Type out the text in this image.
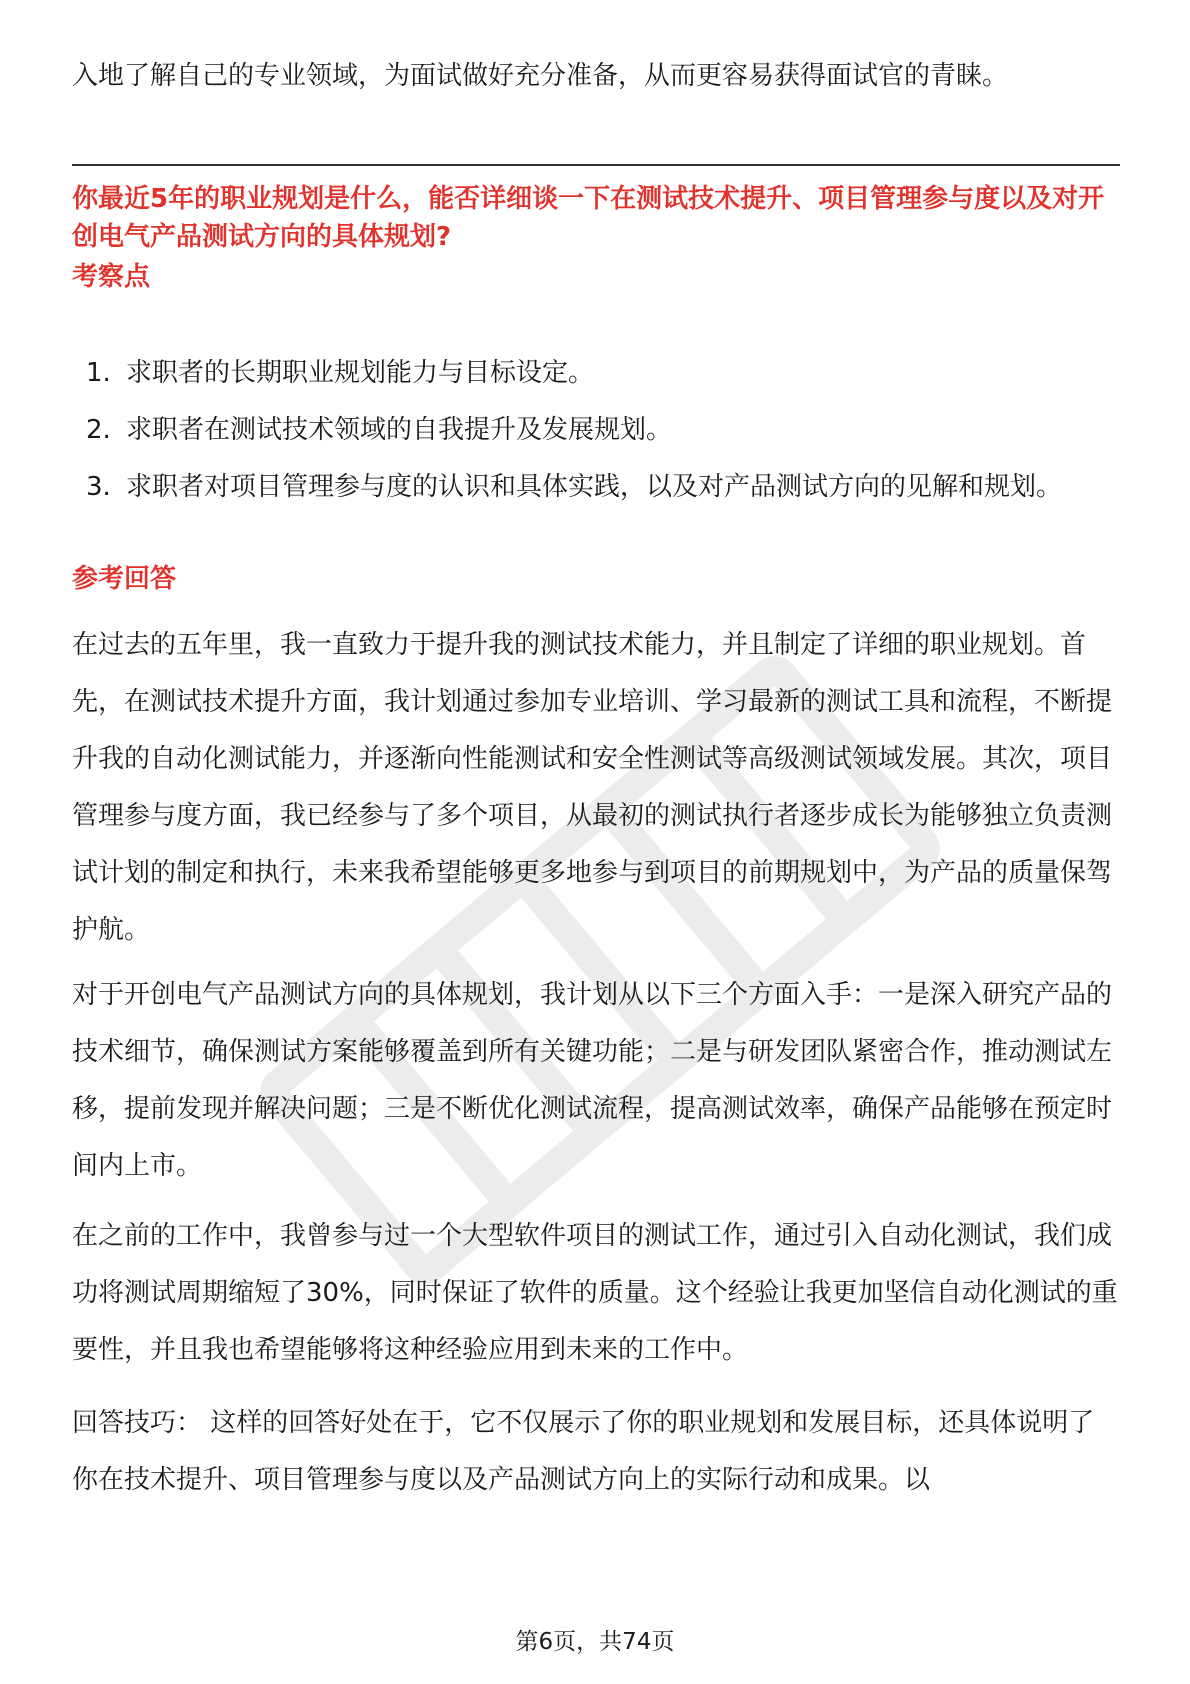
入地了解自己的专业领域，为面试做好充分准备，从而更容易获得面试官的青睐。

你最近5年的职业规划是什么，能否详细谈一下在测试技术提升、项目管理参与度以及对开创电气产品测试方向的具体规划?

考察点

1. 求职者的长期职业规划能力与目标设定。
2. 求职者在测试技术领域的自我提升及发展规划。
3. 求职者对项目管理参与度的认识和具体实践，以及对产品测试方向的见解和规划。

参考回答

在过去的五年里，我一直致力于提升我的测试技术能力，并且制定了详细的职业规划。首先，在测试技术提升方面，我计划通过参加专业培训、学习最新的测试工具和流程，不断提升我的自动化测试能力，并逐渐向性能测试和安全性测试等高级测试领域发展。其次，项目管理参与度方面，我已经参与了多个项目，从最初的测试执行者逐步成长为能够独立负责测试计划的制定和执行，未来我希望能够更多地参与到项目的前期规划中，为产品的质量保驾护航。

对于开创电气产品测试方向的具体规划，我计划从以下三个方面入手：一是深入研究产品的技术细节，确保测试方案能够覆盖到所有关键功能；二是与研发团队紧密合作，推动测试左移，提前发现并解决问题；三是不断优化测试流程，提高测试效率，确保产品能够在预定时间内上市。

在之前的工作中，我曾参与过一个大型软件项目的测试工作，通过引入自动化测试，我们成功将测试周期缩短了30%，同时保证了软件的质量。这个经验让我更加坚信自动化测试的重要性，并且我也希望能够将这种经验应用到未来的工作中。

回答技巧： 这样的回答好处在于，它不仅展示了你的职业规划和发展目标，还具体说明了你在技术提升、项目管理参与度以及产品测试方向上的实际行动和成果。以

第6页，共74页
